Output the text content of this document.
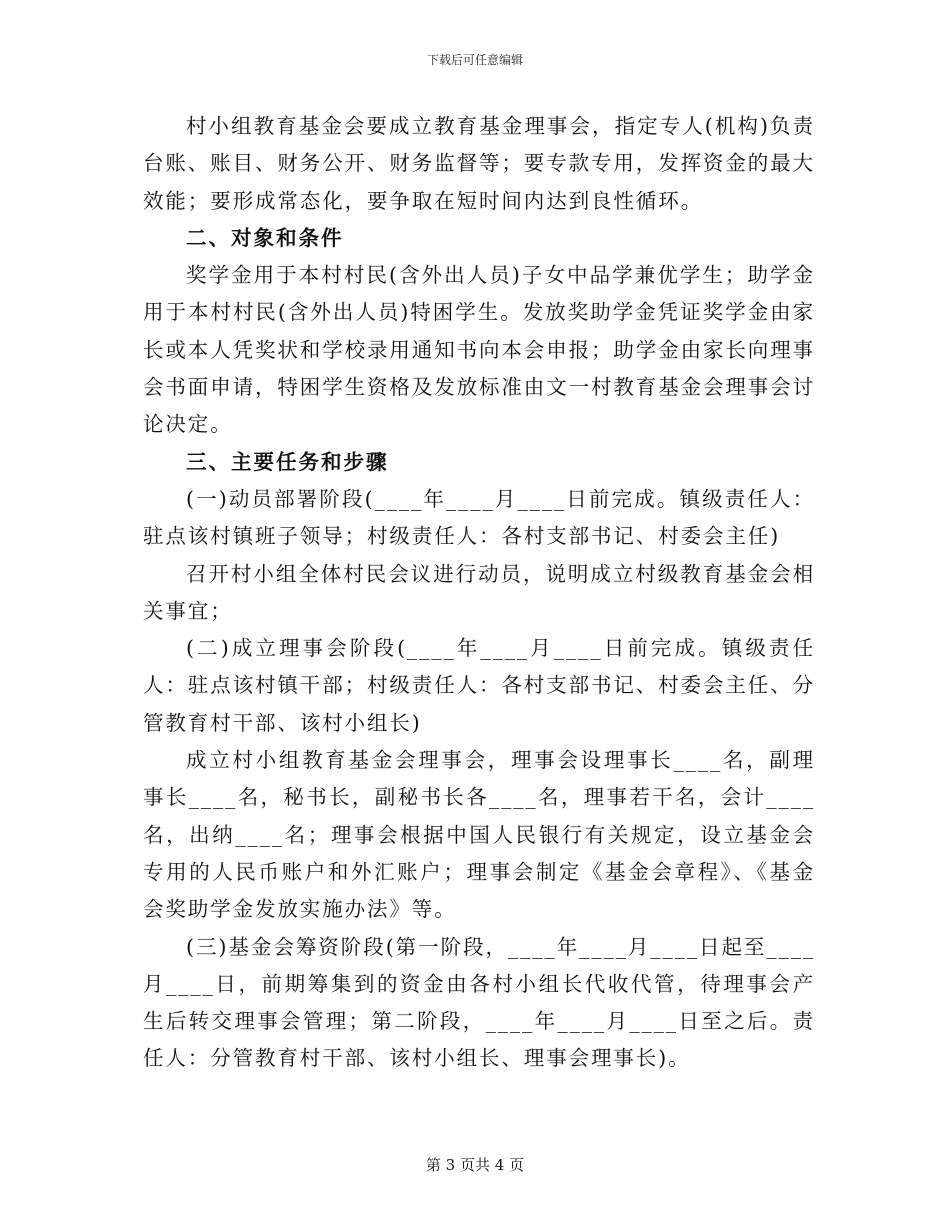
下载后可任意编辑

村小组教育基金会要成立教育基金理事会，指定专人(机构)负责台账、账目、财务公开、财务监督等；要专款专用，发挥资金的最大效能；要形成常态化，要争取在短时间内达到良性循环。

二、对象和条件

奖学金用于本村村民(含外出人员)子女中品学兼优学生；助学金用于本村村民(含外出人员)特困学生。发放奖助学金凭证奖学金由家长或本人凭奖状和学校录用通知书向本会申报；助学金由家长向理事会书面申请，特困学生资格及发放标准由文一村教育基金会理事会讨论决定。

三、主要任务和步骤

(一)动员部署阶段(____年____月____日前完成。镇级责任人：驻点该村镇班子领导；村级责任人：各村支部书记、村委会主任)

召开村小组全体村民会议进行动员，说明成立村级教育基金会相关事宜；

(二)成立理事会阶段(____年____月____日前完成。镇级责任人：驻点该村镇干部；村级责任人：各村支部书记、村委会主任、分管教育村干部、该村小组长)

成立村小组教育基金会理事会，理事会设理事长____名，副理事长____名，秘书长，副秘书长各____名，理事若干名，会计____名，出纳____名；理事会根据中国人民银行有关规定，设立基金会专用的人民币账户和外汇账户；理事会制定《基金会章程》、《基金会奖助学金发放实施办法》等。

(三)基金会筹资阶段(第一阶段，____年____月____日起至____月____日，前期筹集到的资金由各村小组长代收代管，待理事会产生后转交理事会管理；第二阶段，____年____月____日至之后。责任人：分管教育村干部、该村小组长、理事会理事长)。

第 3 页共 4 页
